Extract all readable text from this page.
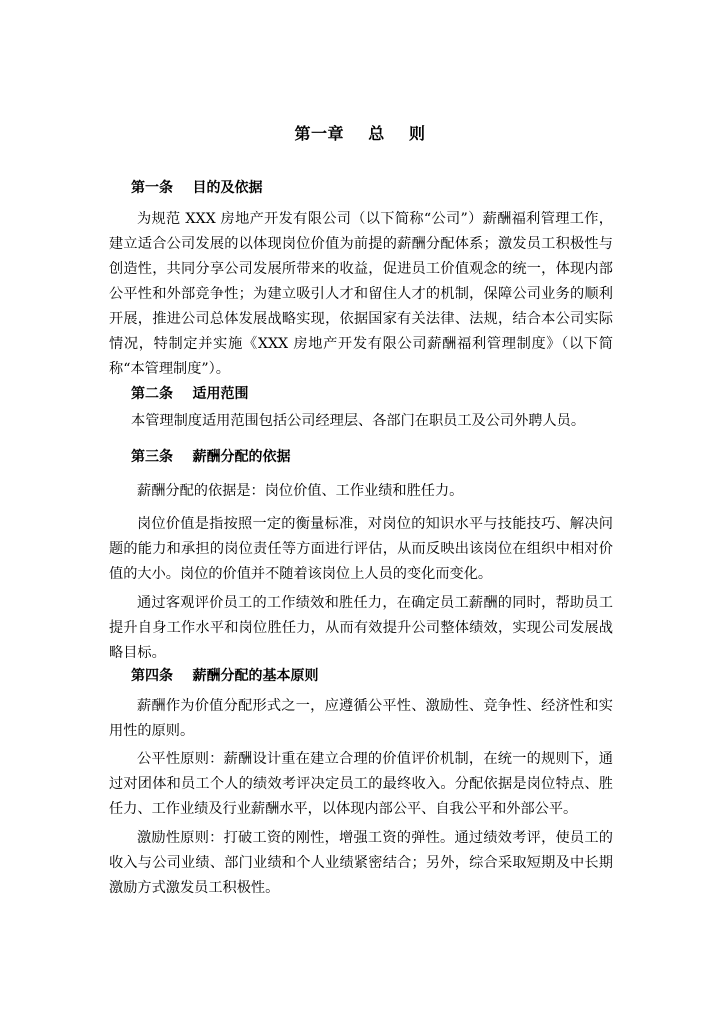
第一章    总    则
第一条    目的及依据

为规范 XXX 房地产开发有限公司（以下简称“公司”）薪酬福利管理工作，建立适合公司发展的以体现岗位价值为前提的薪酬分配体系；激发员工积极性与创造性，共同分享公司发展所带来的收益，促进员工价值观念的统一，体现内部公平性和外部竞争性；为建立吸引人才和留住人才的机制，保障公司业务的顺利开展，推进公司总体发展战略实现，依据国家有关法律、法规，结合本公司实际情况，特制定并实施《XXX 房地产开发有限公司薪酬福利管理制度》（以下简称“本管理制度”）。

第二条    适用范围

本管理制度适用范围包括公司经理层、各部门在职员工及公司外聘人员。

第三条    薪酬分配的依据

薪酬分配的依据是：岗位价值、工作业绩和胜任力。

岗位价值是指按照一定的衡量标准，对岗位的知识水平与技能技巧、解决问题的能力和承担的岗位责任等方面进行评估，从而反映出该岗位在组织中相对价值的大小。岗位的价值并不随着该岗位上人员的变化而变化。

通过客观评价员工的工作绩效和胜任力，在确定员工薪酬的同时，帮助员工提升自身工作水平和岗位胜任力，从而有效提升公司整体绩效，实现公司发展战略目标。

第四条    薪酬分配的基本原则

薪酬作为价值分配形式之一，应遵循公平性、激励性、竞争性、经济性和实用性的原则。

公平性原则：薪酬设计重在建立合理的价值评价机制，在统一的规则下，通过对团体和员工个人的绩效考评决定员工的最终收入。分配依据是岗位特点、胜任力、工作业绩及行业薪酬水平，以体现内部公平、自我公平和外部公平。

激励性原则：打破工资的刚性，增强工资的弹性。通过绩效考评，使员工的收入与公司业绩、部门业绩和个人业绩紧密结合；另外，综合采取短期及中长期激励方式激发员工积极性。
